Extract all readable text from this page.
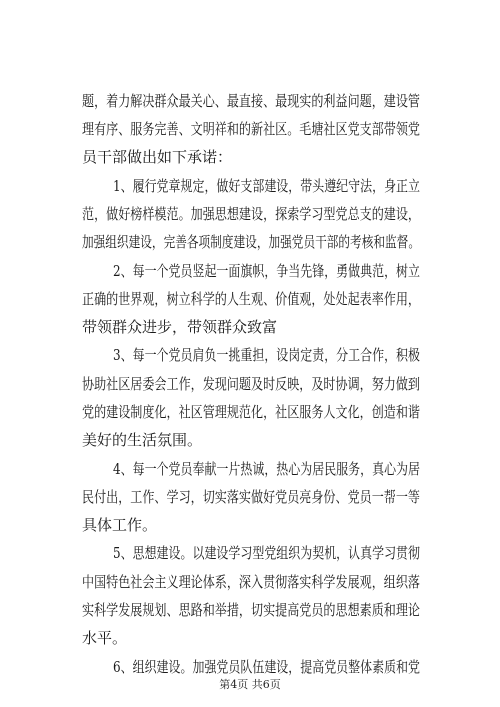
题，着力解决群众最关心、最直接、最现实的利益问题，建设管
理有序、服务完善、文明祥和的新社区。毛塘社区党支部带领党
员干部做出如下承诺：
1、履行党章规定，做好支部建设，带头遵纪守法，身正立
范，做好榜样模范。加强思想建设，探索学习型党总支的建设，
加强组织建设，完善各项制度建设，加强党员干部的考核和监督。
2、每一个党员竖起一面旗帜，争当先锋，勇做典范，树立
正确的世界观，树立科学的人生观、价值观，处处起表率作用，
带领群众进步，带领群众致富
3、每一个党员肩负一挑重担，设岗定责，分工合作，积极
协助社区居委会工作，发现问题及时反映，及时协调，努力做到
党的建设制度化，社区管理规范化，社区服务人文化，创造和谐
美好的生活氛围。
4、每一个党员奉献一片热诚，热心为居民服务，真心为居
民付出，工作、学习，切实落实做好党员亮身份、党员一帮一等
具体工作。
5、思想建设。以建设学习型党组织为契机，认真学习贯彻
中国特色社会主义理论体系，深入贯彻落实科学发展观，组织落
实科学发展规划、思路和举措，切实提高党员的思想素质和理论
水平。
6、组织建设。加强党员队伍建设，提高党员整体素质和党
第4页 共6页
